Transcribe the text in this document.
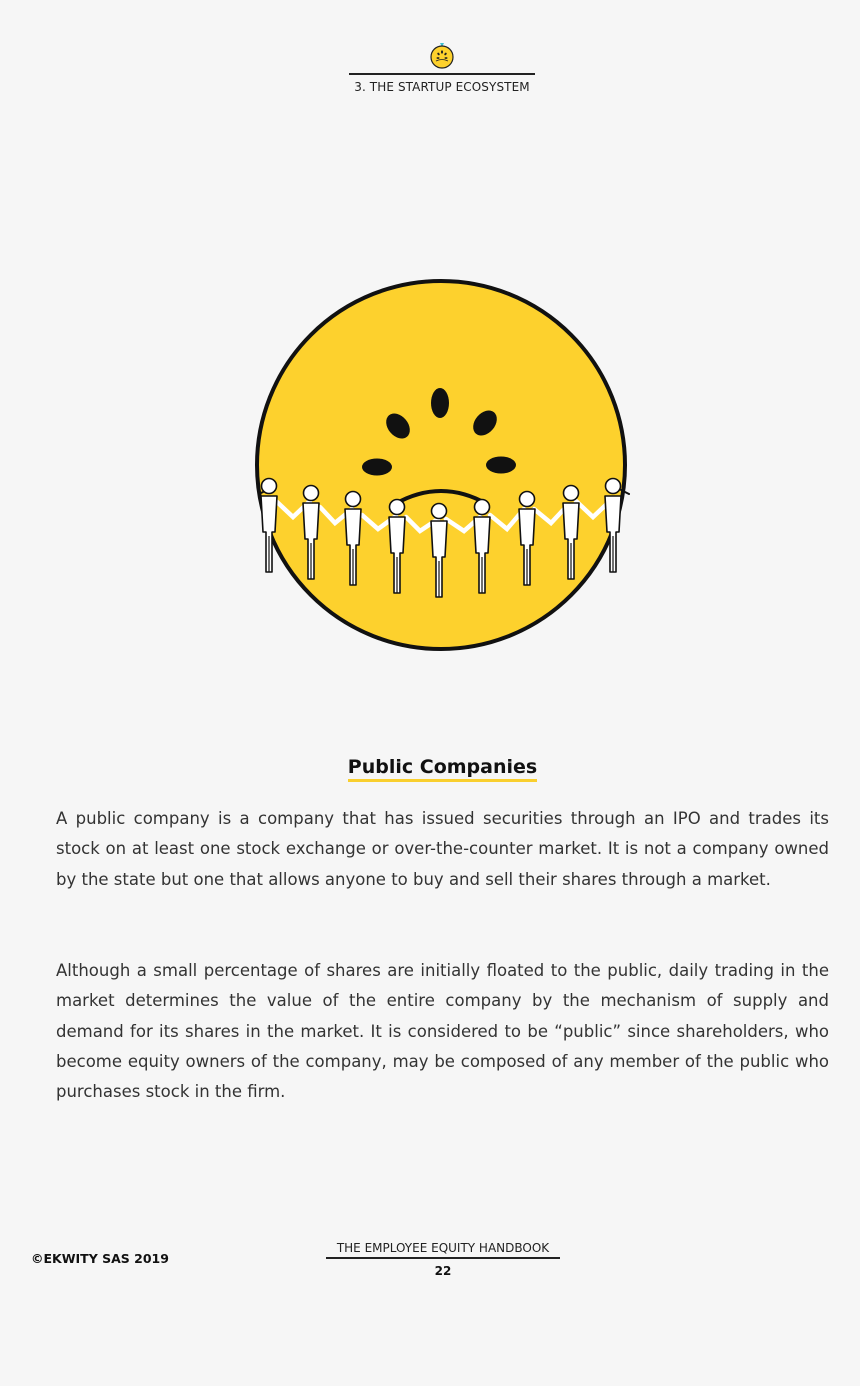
3. THE STARTUP ECOSYSTEM
Public Companies

A public company is a company that has issued securities through an IPO and trades its stock on at least one stock exchange or over-the-counter market. It is not a company owned by the state but one that allows anyone to buy and sell their shares through a market.

Although a small percentage of shares are initially floated to the public, daily trading in the market determines the value of the entire company by the mechanism of supply and demand for its shares in the market. It is considered to be “public” since shareholders, who become equity owners of the company, may be composed of any member of the public who purchases stock in the firm.

©EKWITY SAS 2019
THE EMPLOYEE EQUITY HANDBOOK
22
